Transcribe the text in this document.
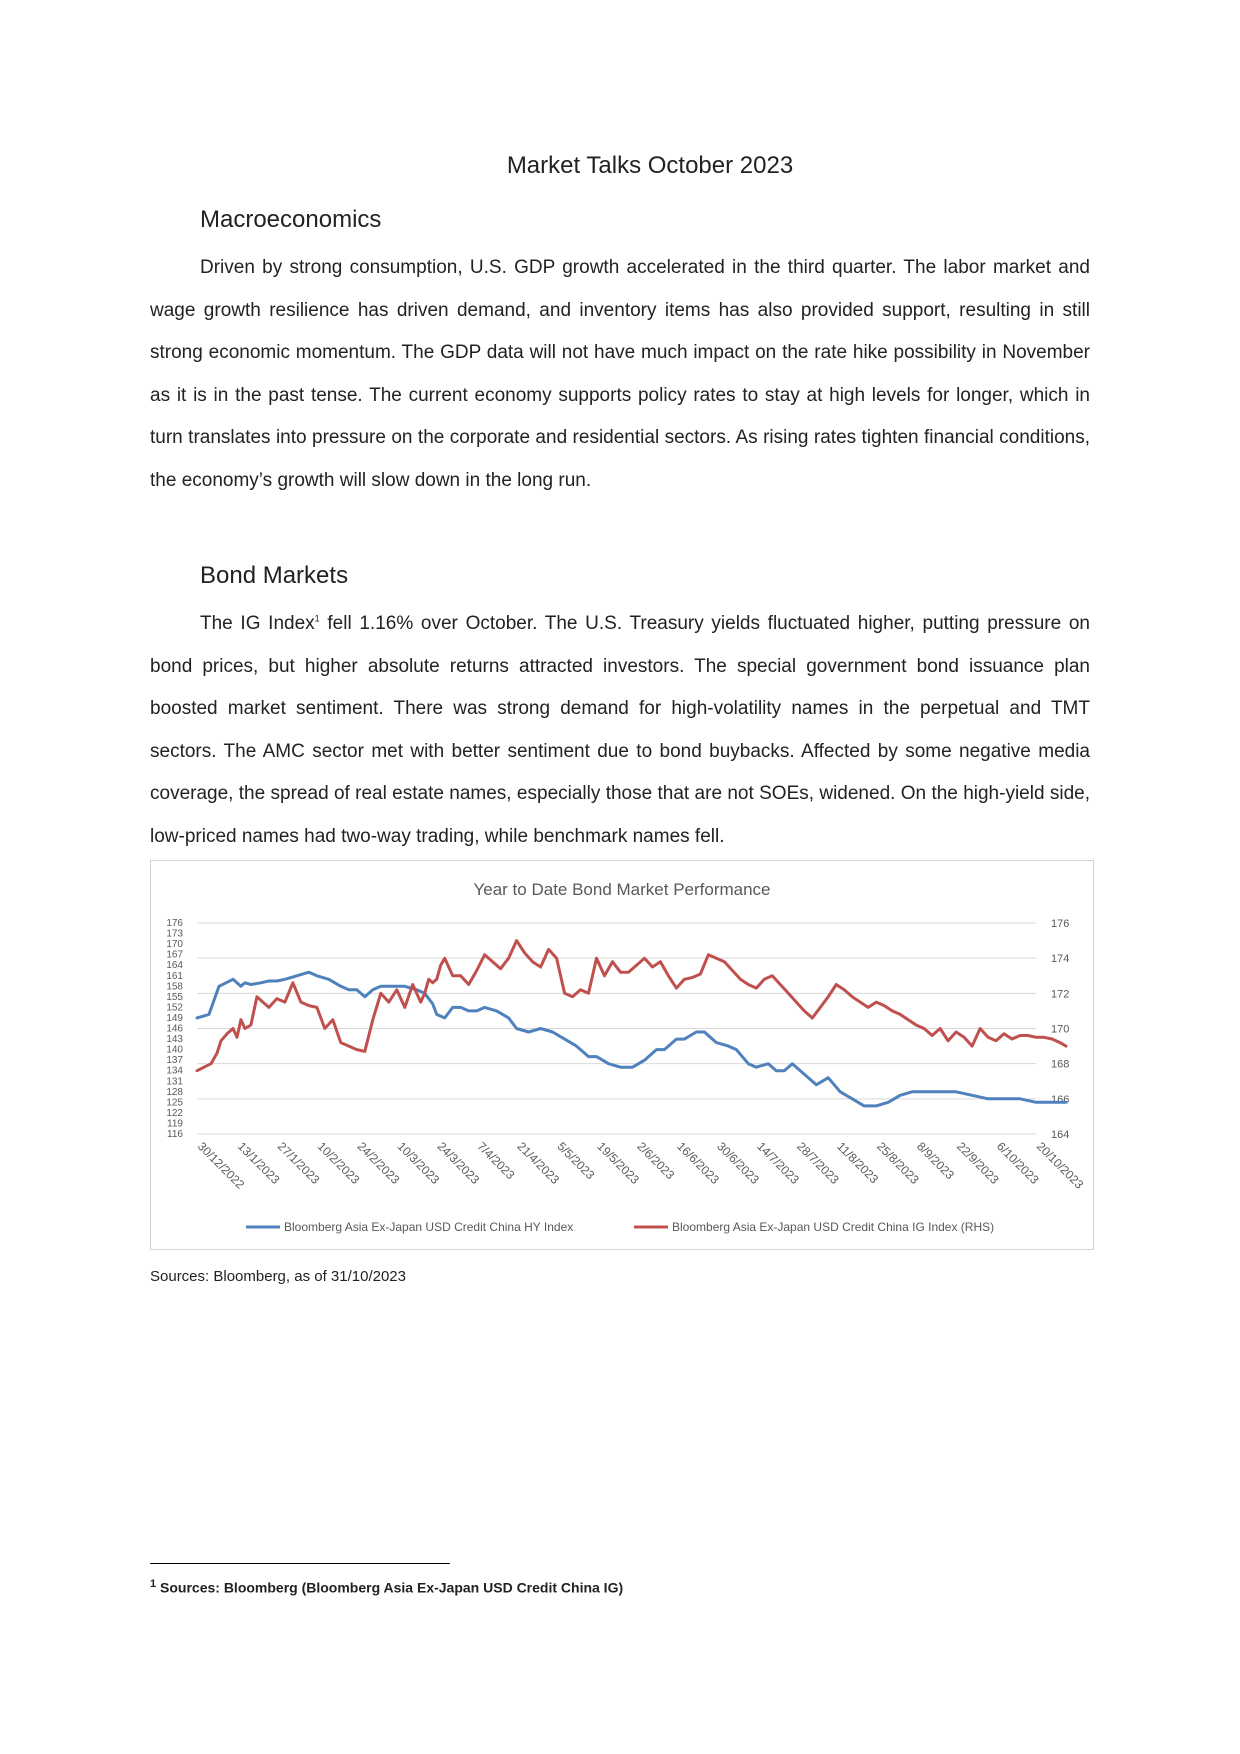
Market Talks October 2023
Macroeconomics

Driven by strong consumption, U.S. GDP growth accelerated in the third quarter. The labor market and wage growth resilience has driven demand, and inventory items has also provided support, resulting in still strong economic momentum. The GDP data will not have much impact on the rate hike possibility in November as it is in the past tense. The current economy supports policy rates to stay at high levels for longer, which in turn translates into pressure on the corporate and residential sectors. As rising rates tighten financial conditions, the economy’s growth will slow down in the long run.

Bond Markets

The IG Index$^1$ fell 1.16% over October. The U.S. Treasury yields fluctuated higher, putting pressure on bond prices, but higher absolute returns attracted investors. The special government bond issuance plan boosted market sentiment. There was strong demand for high-volatility names in the perpetual and TMT sectors. The AMC sector met with better sentiment due to bond buybacks. Affected by some negative media coverage, the spread of real estate names, especially those that are not SOEs, widened. On the high-yield side, low-priced names had two-way trading, while benchmark names fell.

Year to Date Bond Market Performance
116
119
122
125
128
131
134
137
140
143
146
149
152
155
158
161
164
167
170
173
176
164
166
168
170
172
174
176
30/12/2022
13/1/2023
27/1/2023
10/2/2023
24/2/2023
10/3/2023
24/3/2023
7/4/2023
21/4/2023
5/5/2023
19/5/2023
2/6/2023
16/6/2023
30/6/2023
14/7/2023
28/7/2023
11/8/2023
25/8/2023
8/9/2023
22/9/2023
6/10/2023
20/10/2023
Bloomberg Asia Ex-Japan USD Credit China HY Index	Bloomberg Asia Ex-Japan USD Credit China IG Index (RHS)

Sources: Bloomberg, as of 31/10/2023

$^1$ Sources: Bloomberg (Bloomberg Asia Ex-Japan USD Credit China IG)
